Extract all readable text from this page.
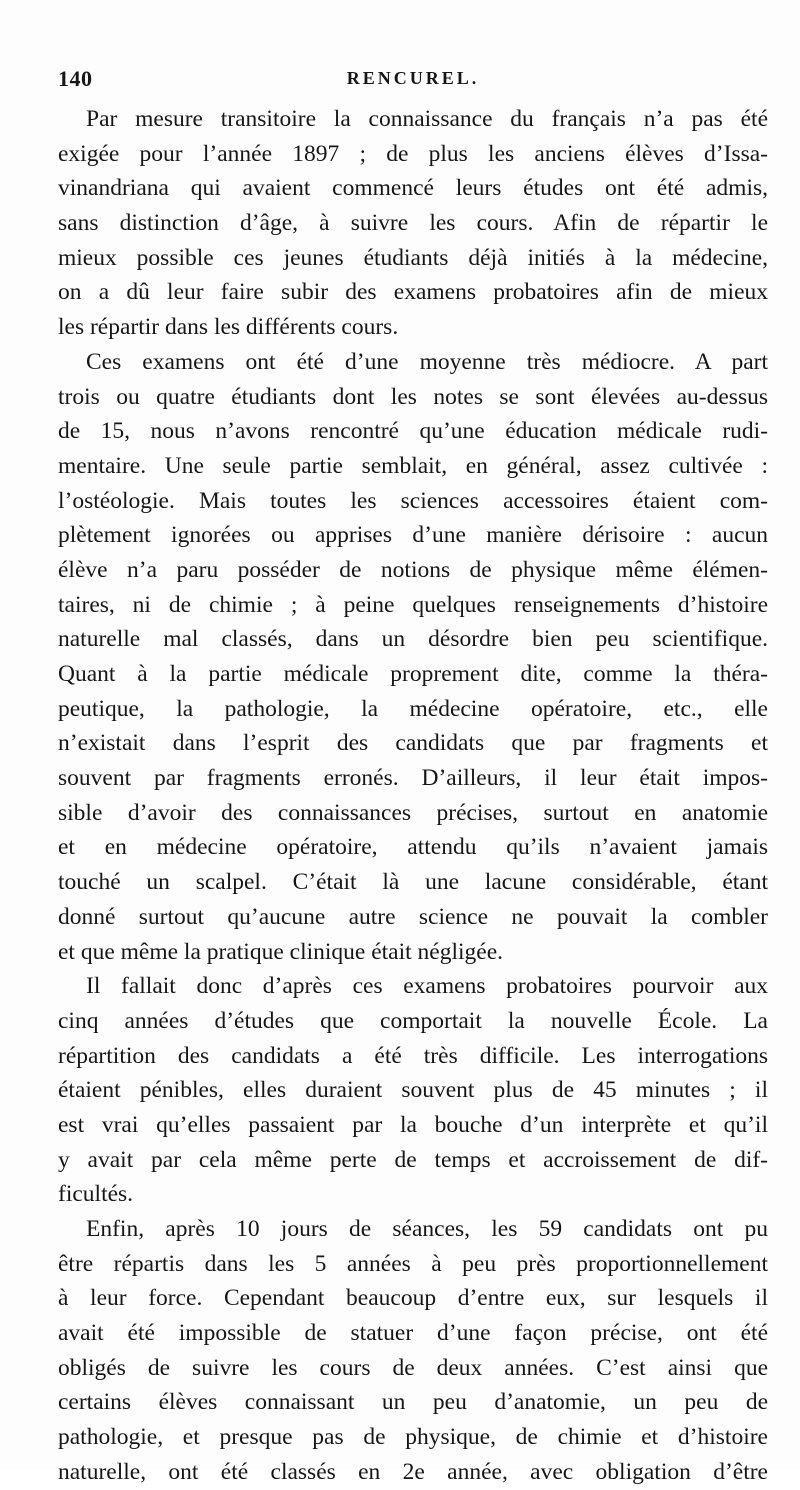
140	RENCUREL.
Par mesure transitoire la connaissance du français n’a pas été
exigée pour l’année 1897 ; de plus les anciens élèves d’Issa-
vinandriana qui avaient commencé leurs études ont été admis,
sans distinction d’âge, à suivre les cours. Afin de répartir le
mieux possible ces jeunes étudiants déjà initiés à la médecine,
on a dû leur faire subir des examens probatoires afin de mieux
les répartir dans les différents cours.
Ces examens ont été d’une moyenne très médiocre. A part
trois ou quatre étudiants dont les notes se sont élevées au-dessus
de 15, nous n’avons rencontré qu’une éducation médicale rudi-
mentaire. Une seule partie semblait, en général, assez cultivée :
l’ostéologie. Mais toutes les sciences accessoires étaient com-
plètement ignorées ou apprises d’une manière dérisoire : aucun
élève n’a paru posséder de notions de physique même élémen-
taires, ni de chimie ; à peine quelques renseignements d’histoire
naturelle mal classés, dans un désordre bien peu scientifique.
Quant à la partie médicale proprement dite, comme la théra-
peutique, la pathologie, la médecine opératoire, etc., elle
n’existait dans l’esprit des candidats que par fragments et
souvent par fragments erronés. D’ailleurs, il leur était impos-
sible d’avoir des connaissances précises, surtout en anatomie
et en médecine opératoire, attendu qu’ils n’avaient jamais
touché un scalpel. C’était là une lacune considérable, étant
donné surtout qu’aucune autre science ne pouvait la combler
et que même la pratique clinique était négligée.
Il fallait donc d’après ces examens probatoires pourvoir aux
cinq années d’études que comportait la nouvelle École. La
répartition des candidats a été très difficile. Les interrogations
étaient pénibles, elles duraient souvent plus de 45 minutes ; il
est vrai qu’elles passaient par la bouche d’un interprète et qu’il
y avait par cela même perte de temps et accroissement de dif-
ficultés.
Enfin, après 10 jours de séances, les 59 candidats ont pu
être répartis dans les 5 années à peu près proportionnellement
à leur force. Cependant beaucoup d’entre eux, sur lesquels il
avait été impossible de statuer d’une façon précise, ont été
obligés de suivre les cours de deux années. C’est ainsi que
certains élèves connaissant un peu d’anatomie, un peu de
pathologie, et presque pas de physique, de chimie et d’histoire
naturelle, ont été classés en 2e année, avec obligation d’être
